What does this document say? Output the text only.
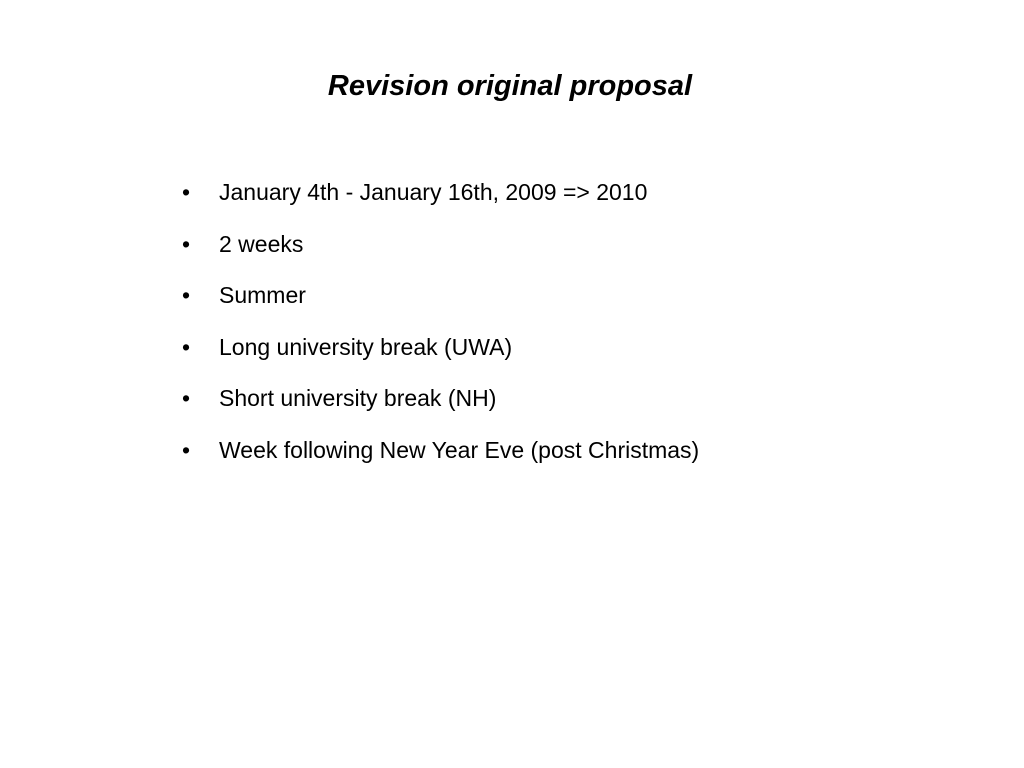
Revision original proposal
•	January 4th - January 16th, 2009 => 2010
•	2 weeks
•	Summer
•	Long university break (UWA)
•	Short university break (NH)
•	Week following New Year Eve (post Christmas)
